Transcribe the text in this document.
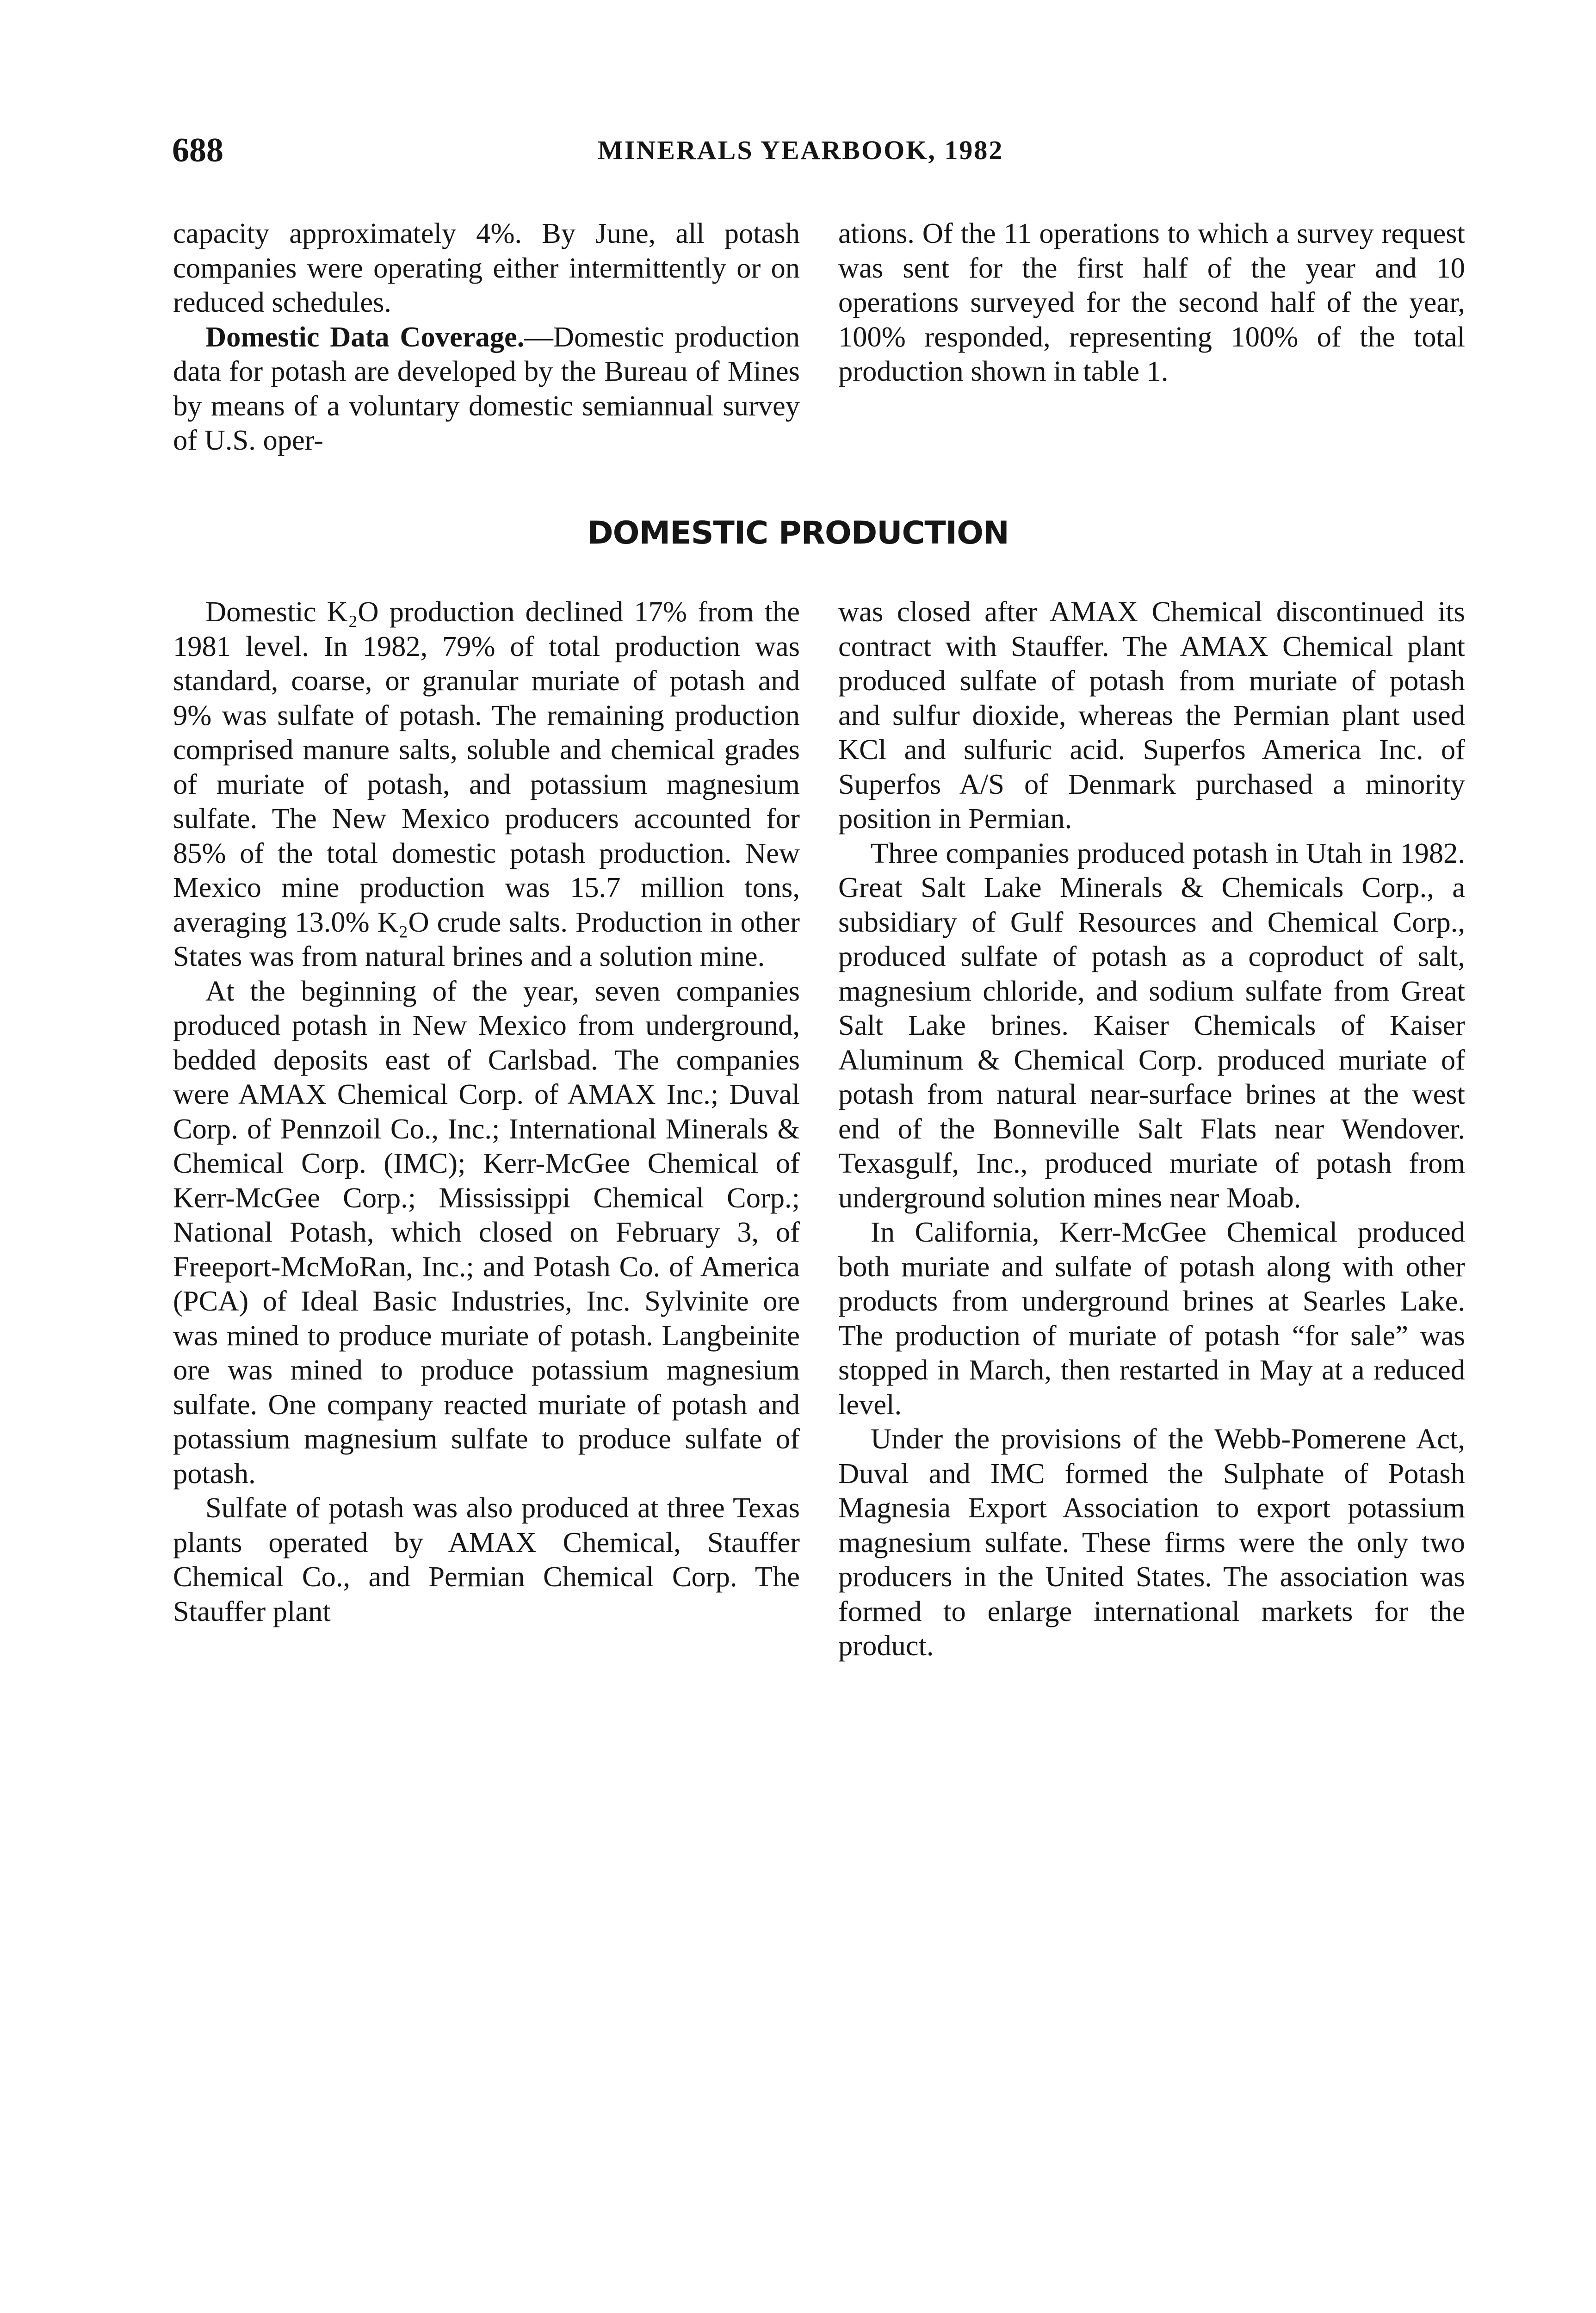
688	MINERALS YEARBOOK, 1982

capacity approximately 4%. By June, all potash companies were operating either intermittently or on reduced schedules.

Domestic Data Coverage.—Domestic production data for potash are developed by the Bureau of Mines by means of a voluntary domestic semiannual survey of U.S. oper-

ations. Of the 11 operations to which a survey request was sent for the first half of the year and 10 operations surveyed for the second half of the year, 100% responded, representing 100% of the total production shown in table 1.

DOMESTIC PRODUCTION

Domestic K₂O production declined 17% from the 1981 level. In 1982, 79% of total production was standard, coarse, or granular muriate of potash and 9% was sulfate of potash. The remaining production comprised manure salts, soluble and chemical grades of muriate of potash, and potassium magnesium sulfate. The New Mexico producers accounted for 85% of the total domestic potash production. New Mexico mine production was 15.7 million tons, averaging 13.0% K₂O crude salts. Production in other States was from natural brines and a solution mine.

At the beginning of the year, seven companies produced potash in New Mexico from underground, bedded deposits east of Carlsbad. The companies were AMAX Chemical Corp. of AMAX Inc.; Duval Corp. of Pennzoil Co., Inc.; International Minerals & Chemical Corp. (IMC); Kerr-McGee Chemical of Kerr-McGee Corp.; Mississippi Chemical Corp.; National Potash, which closed on February 3, of Freeport-McMoRan, Inc.; and Potash Co. of America (PCA) of Ideal Basic Industries, Inc. Sylvinite ore was mined to produce muriate of potash. Langbeinite ore was mined to produce potassium magnesium sulfate. One company reacted muriate of potash and potassium magnesium sulfate to produce sulfate of potash.

Sulfate of potash was also produced at three Texas plants operated by AMAX Chemical, Stauffer Chemical Co., and Permian Chemical Corp. The Stauffer plant

was closed after AMAX Chemical discontinued its contract with Stauffer. The AMAX Chemical plant produced sulfate of potash from muriate of potash and sulfur dioxide, whereas the Permian plant used KCl and sulfuric acid. Superfos America Inc. of Superfos A/S of Denmark purchased a minority position in Permian.

Three companies produced potash in Utah in 1982. Great Salt Lake Minerals & Chemicals Corp., a subsidiary of Gulf Resources and Chemical Corp., produced sulfate of potash as a coproduct of salt, magnesium chloride, and sodium sulfate from Great Salt Lake brines. Kaiser Chemicals of Kaiser Aluminum & Chemical Corp. produced muriate of potash from natural near-surface brines at the west end of the Bonneville Salt Flats near Wendover. Texasgulf, Inc., produced muriate of potash from underground solution mines near Moab.

In California, Kerr-McGee Chemical produced both muriate and sulfate of potash along with other products from underground brines at Searles Lake. The production of muriate of potash “for sale” was stopped in March, then restarted in May at a reduced level.

Under the provisions of the Webb-Pomerene Act, Duval and IMC formed the Sulphate of Potash Magnesia Export Association to export potassium magnesium sulfate. These firms were the only two producers in the United States. The association was formed to enlarge international markets for the product.
